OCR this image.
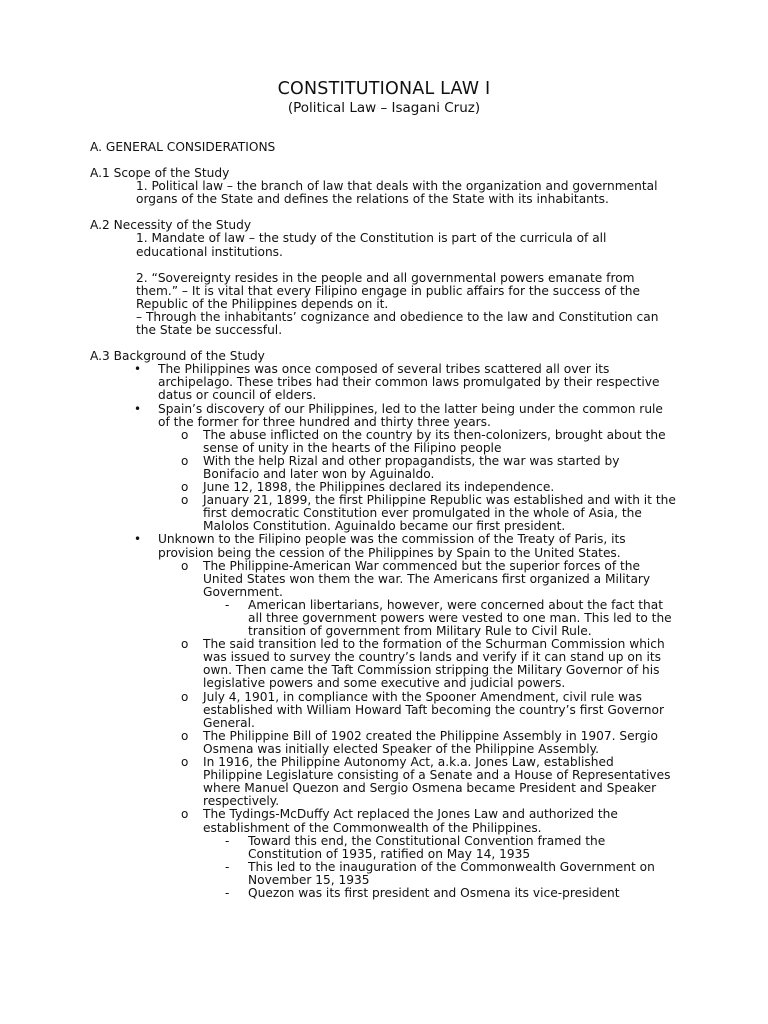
CONSTITUTIONAL LAW I
(Political Law – Isagani Cruz)

A. GENERAL CONSIDERATIONS

A.1 Scope of the Study

1. Political law – the branch of law that deals with the organization and governmental organs of the State and defines the relations of the State with its inhabitants.

A.2 Necessity of the Study

1. Mandate of law – the study of the Constitution is part of the curricula of all educational institutions.

2. “Sovereignty resides in the people and all governmental powers emanate from them.” – It is vital that every Filipino engage in public affairs for the success of the Republic of the Philippines depends on it.

– Through the inhabitants’ cognizance and obedience to the law and Constitution can the State be successful.

A.3 Background of the Study

• The Philippines was once composed of several tribes scattered all over its archipelago. These tribes had their common laws promulgated by their respective datus or council of elders.
• Spain’s discovery of our Philippines, led to the latter being under the common rule of the former for three hundred and thirty three years.
o The abuse inflicted on the country by its then-colonizers, brought about the sense of unity in the hearts of the Filipino people
o With the help Rizal and other propagandists, the war was started by Bonifacio and later won by Aguinaldo.
o June 12, 1898, the Philippines declared its independence.
o January 21, 1899, the first Philippine Republic was established and with it the first democratic Constitution ever promulgated in the whole of Asia, the Malolos Constitution. Aguinaldo became our first president.
• Unknown to the Filipino people was the commission of the Treaty of Paris, its provision being the cession of the Philippines by Spain to the United States.
o The Philippine-American War commenced but the superior forces of the United States won them the war. The Americans first organized a Military Government.
- American libertarians, however, were concerned about the fact that all three government powers were vested to one man. This led to the transition of government from Military Rule to Civil Rule.
o The said transition led to the formation of the Schurman Commission which was issued to survey the country’s lands and verify if it can stand up on its own. Then came the Taft Commission stripping the Military Governor of his legislative powers and some executive and judicial powers.
o July 4, 1901, in compliance with the Spooner Amendment, civil rule was established with William Howard Taft becoming the country’s first Governor General.
o The Philippine Bill of 1902 created the Philippine Assembly in 1907. Sergio Osmena was initially elected Speaker of the Philippine Assembly.
o In 1916, the Philippine Autonomy Act, a.k.a. Jones Law, established Philippine Legislature consisting of a Senate and a House of Representatives where Manuel Quezon and Sergio Osmena became President and Speaker respectively.
o The Tydings-McDuffy Act replaced the Jones Law and authorized the establishment of the Commonwealth of the Philippines.
- Toward this end, the Constitutional Convention framed the Constitution of 1935, ratified on May 14, 1935
- This led to the inauguration of the Commonwealth Government on November 15, 1935
- Quezon was its first president and Osmena its vice-president
